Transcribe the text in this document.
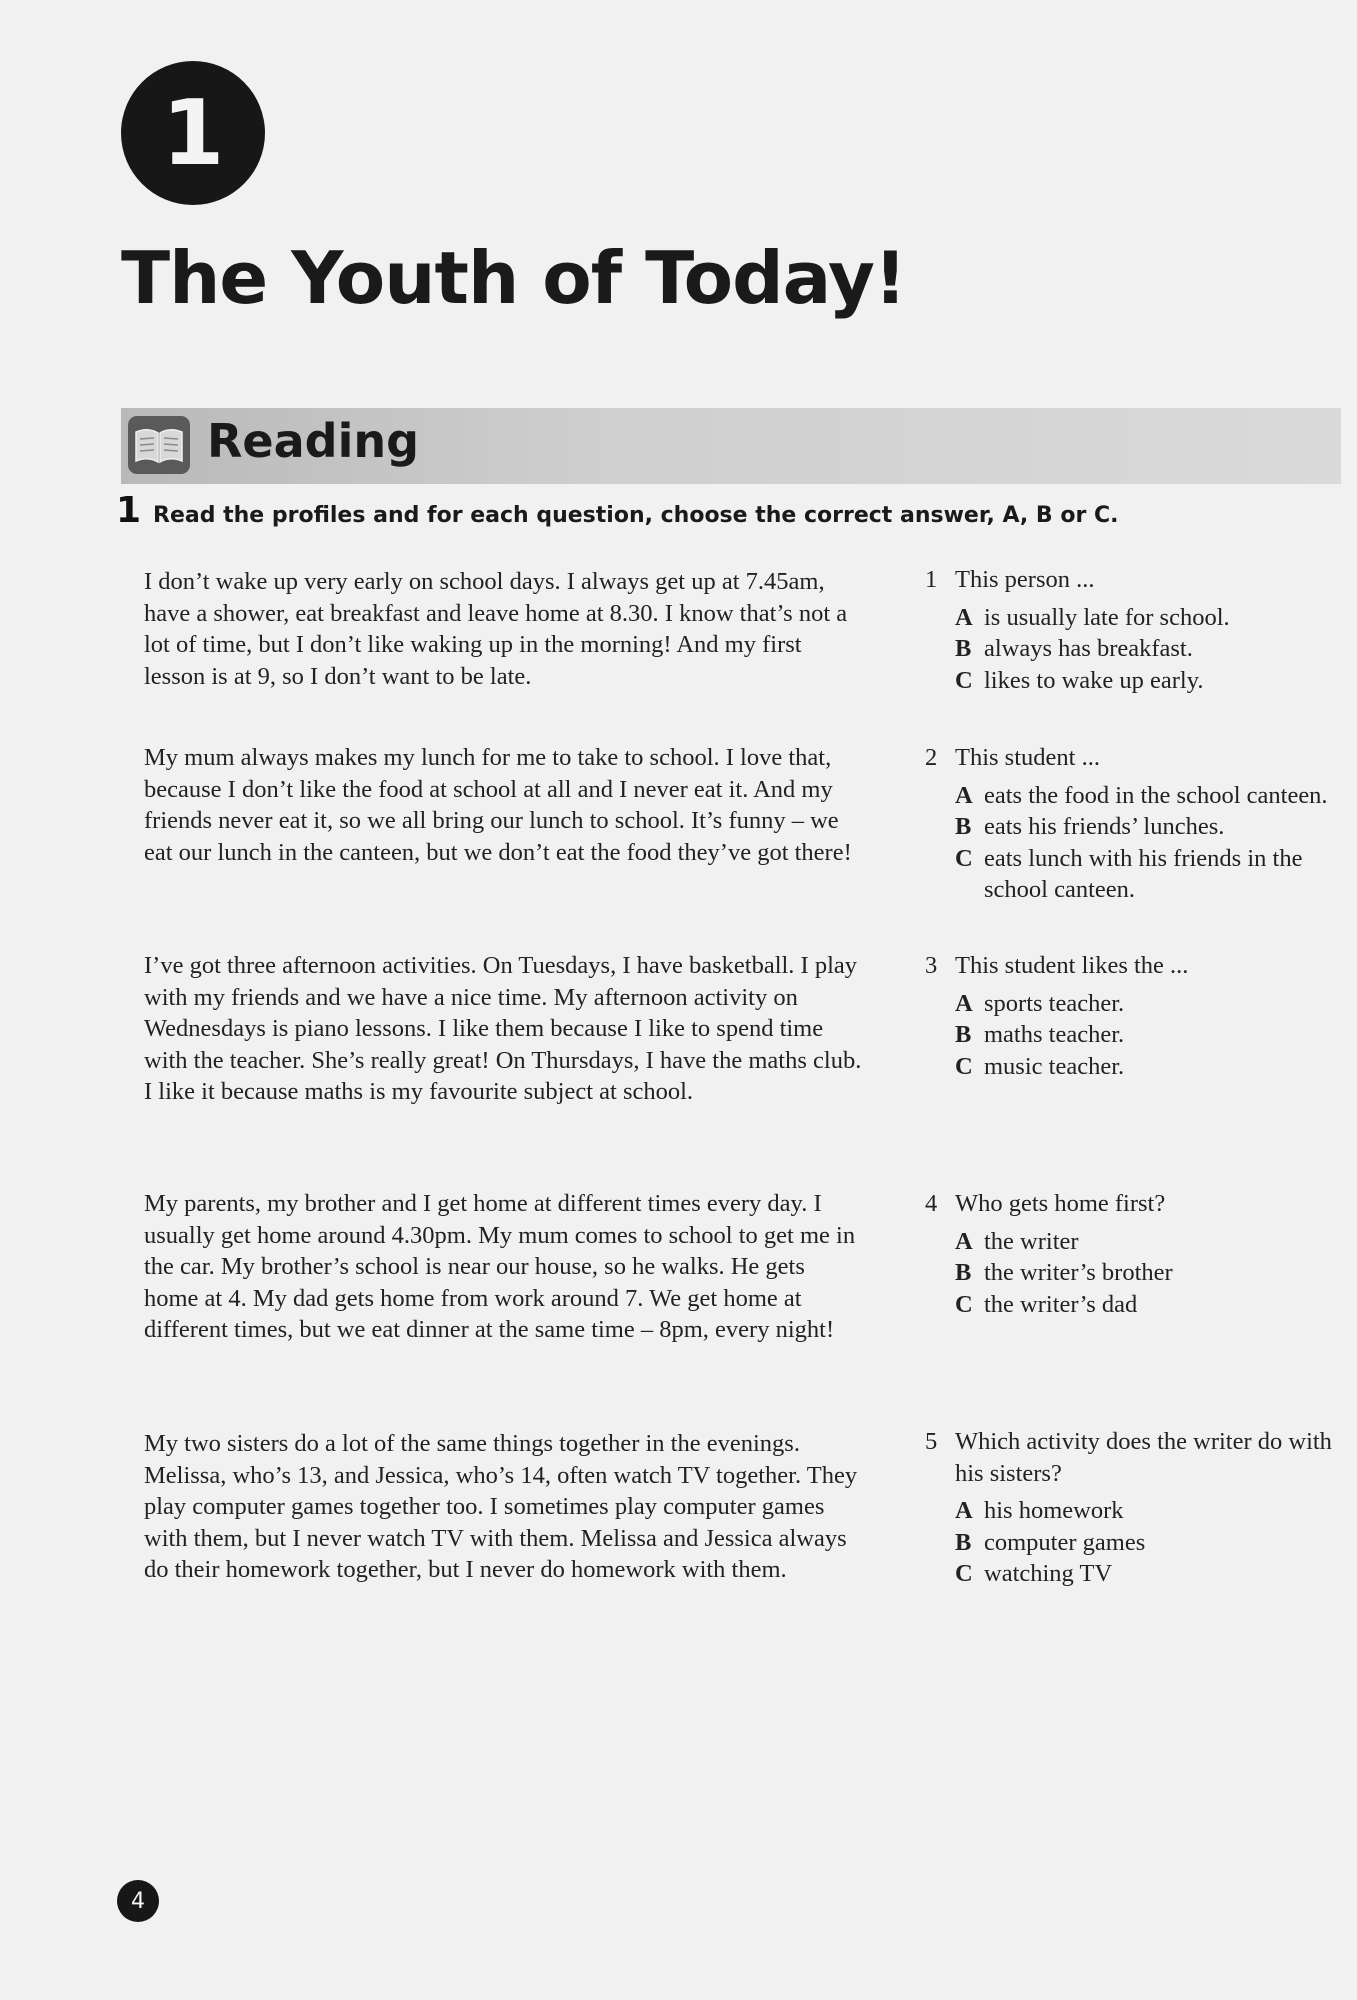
1
The Youth of Today!
Reading
1 Read the profiles and for each question, choose the correct answer, A, B or C.

I don’t wake up very early on school days. I always get up at 7.45am, have a shower, eat breakfast and leave home at 8.30. I know that’s not a lot of time, but I don’t like waking up in the morning! And my first lesson is at 9, so I don’t want to be late.

My mum always makes my lunch for me to take to school. I love that, because I don’t like the food at school at all and I never eat it. And my friends never eat it, so we all bring our lunch to school. It’s funny – we eat our lunch in the canteen, but we don’t eat the food they’ve got there!

I’ve got three afternoon activities. On Tuesdays, I have basketball. I play with my friends and we have a nice time. My afternoon activity on Wednesdays is piano lessons. I like them because I like to spend time with the teacher. She’s really great! On Thursdays, I have the maths club. I like it because maths is my favourite subject at school.

My parents, my brother and I get home at different times every day. I usually get home around 4.30pm. My mum comes to school to get me in the car. My brother’s school is near our house, so he walks. He gets home at 4. My dad gets home from work around 7. We get home at different times, but we eat dinner at the same time – 8pm, every night!

My two sisters do a lot of the same things together in the evenings. Melissa, who’s 13, and Jessica, who’s 14, often watch TV together. They play computer games together too. I sometimes play computer games with them, but I never watch TV with them. Melissa and Jessica always do their homework together, but I never do homework with them.

1 This person ...
A is usually late for school.
B always has breakfast.
C likes to wake up early.
2 This student ...
A eats the food in the school canteen.
B eats his friends’ lunches.
C eats lunch with his friends in the school canteen.
3 This student likes the ...
A sports teacher.
B maths teacher.
C music teacher.
4 Who gets home first?
A the writer
B the writer’s brother
C the writer’s dad
5 Which activity does the writer do with his sisters?
A his homework
B computer games
C watching TV
4
